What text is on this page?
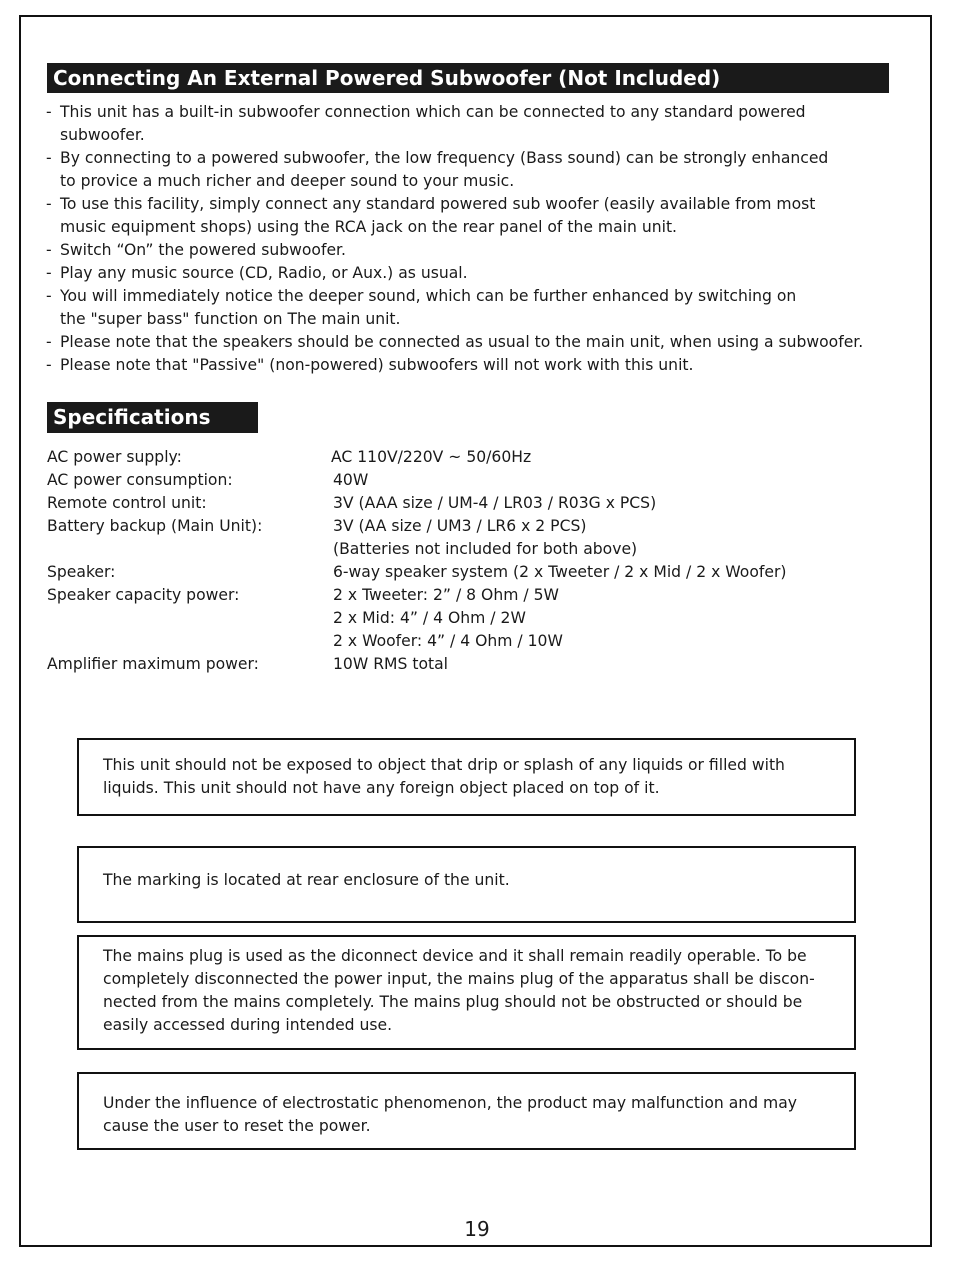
Connecting An External Powered Subwoofer (Not Included)
- This unit has a built-in subwoofer connection which can be connected to any standard powered
subwoofer.
- By connecting to a powered subwoofer, the low frequency (Bass sound) can be strongly enhanced
to provice a much richer and deeper sound to your music.
- To use this facility, simply connect any standard powered sub woofer (easily available from most
music equipment shops) using the RCA jack on the rear panel of the main unit.
- Switch “On” the powered subwoofer.
- Play any music source (CD, Radio, or Aux.) as usual.
- You will immediately notice the deeper sound, which can be further enhanced by switching on
the "super bass" function on The main unit.
- Please note that the speakers should be connected as usual to the main unit, when using a subwoofer.
- Please note that "Passive" (non-powered) subwoofers will not work with this unit.
Specifications
AC power supply:	AC 110V/220V ~ 50/60Hz
AC power consumption:	40W
Remote control unit:	3V (AAA size / UM-4 / LR03 / R03G x PCS)
Battery backup (Main Unit):	3V (AA size / UM3 / LR6 x 2 PCS)
(Batteries not included for both above)
Speaker:	6-way speaker system (2 x Tweeter / 2 x Mid / 2 x Woofer)
Speaker capacity power:	2 x Tweeter: 2” / 8 Ohm / 5W
2 x Mid: 4” / 4 Ohm / 2W
2 x Woofer: 4” / 4 Ohm / 10W
Amplifier maximum power:	10W RMS total
This unit should not be exposed to object that drip or splash of any liquids or filled with liquids. This unit should not have any foreign object placed on top of it.
The marking is located at rear enclosure of the unit.
The mains plug is used as the diconnect device and it shall remain readily operable. To be completely disconnected the power input, the mains plug of the apparatus shall be discon-nected from the mains completely. The mains plug should not be obstructed or should be easily accessed during intended use.
Under the influence of electrostatic phenomenon, the product may malfunction and may cause the user to reset the power.
19
